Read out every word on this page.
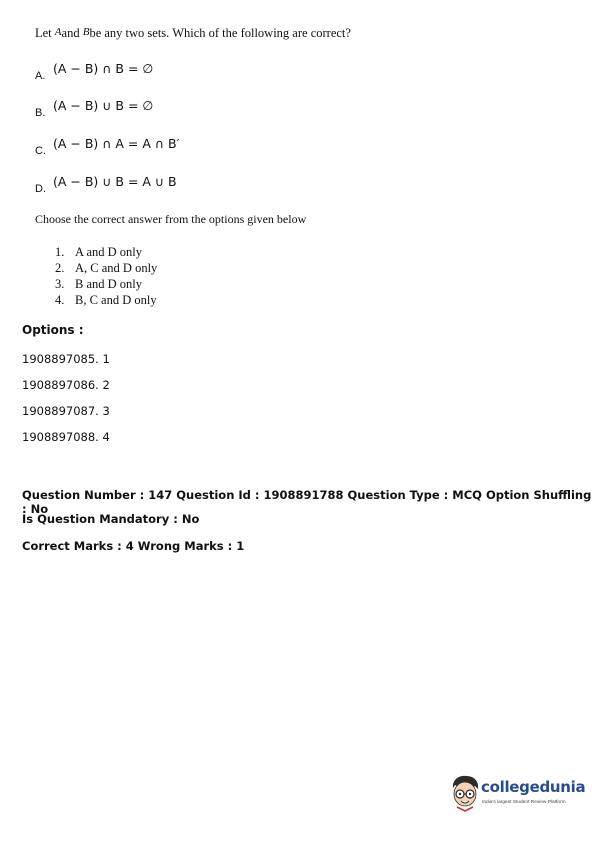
Let Aand Bbe any two sets. Which of the following are correct?
A. (A − B) ∩ B = ∅
B. (A − B) ∪ B = ∅
C. (A − B) ∩ A = A ∩ B′
D. (A − B) ∪ B = A ∪ B
Choose the correct answer from the options given below
1. A and D only
2. A, C and D only
3. B and D only
4. B, C and D only
Options :
1908897085. 1
1908897086. 2
1908897087. 3
1908897088. 4
Question Number : 147 Question Id : 1908891788 Question Type : MCQ Option Shuffling : No
Is Question Mandatory : No
Correct Marks : 4 Wrong Marks : 1
collegedunia
India's largest Student Review Platform
